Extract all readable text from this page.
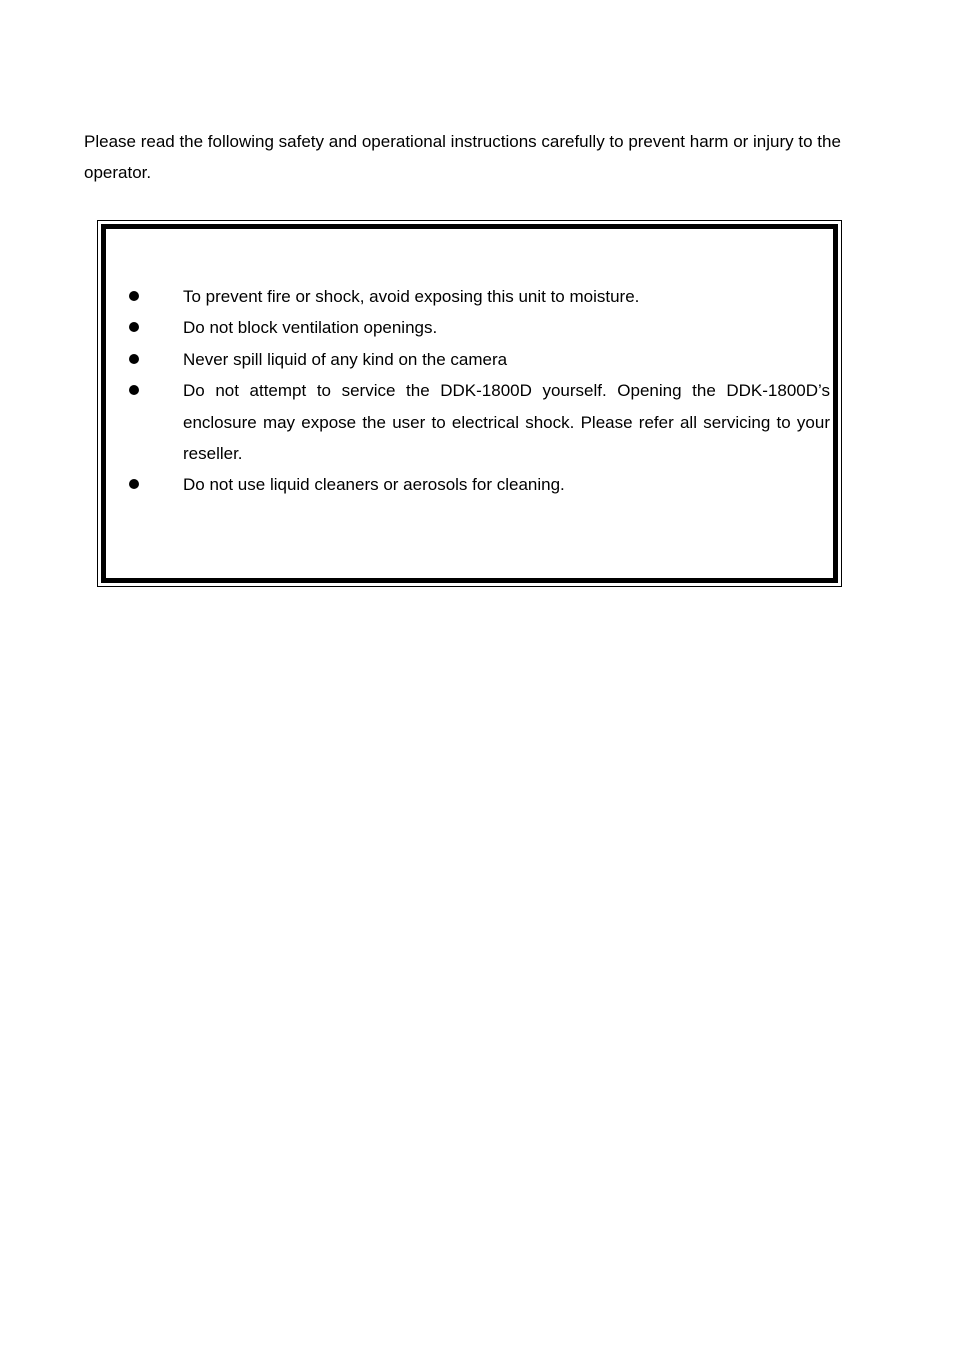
Please read the following safety and operational instructions carefully to prevent harm or injury to the operator.

To prevent fire or shock, avoid exposing this unit to moisture.
Do not block ventilation openings.
Never spill liquid of any kind on the camera
Do not attempt to service the DDK-1800D yourself. Opening the DDK-1800D’s enclosure may expose the user to electrical shock. Please refer all servicing to your reseller.
Do not use liquid cleaners or aerosols for cleaning.
